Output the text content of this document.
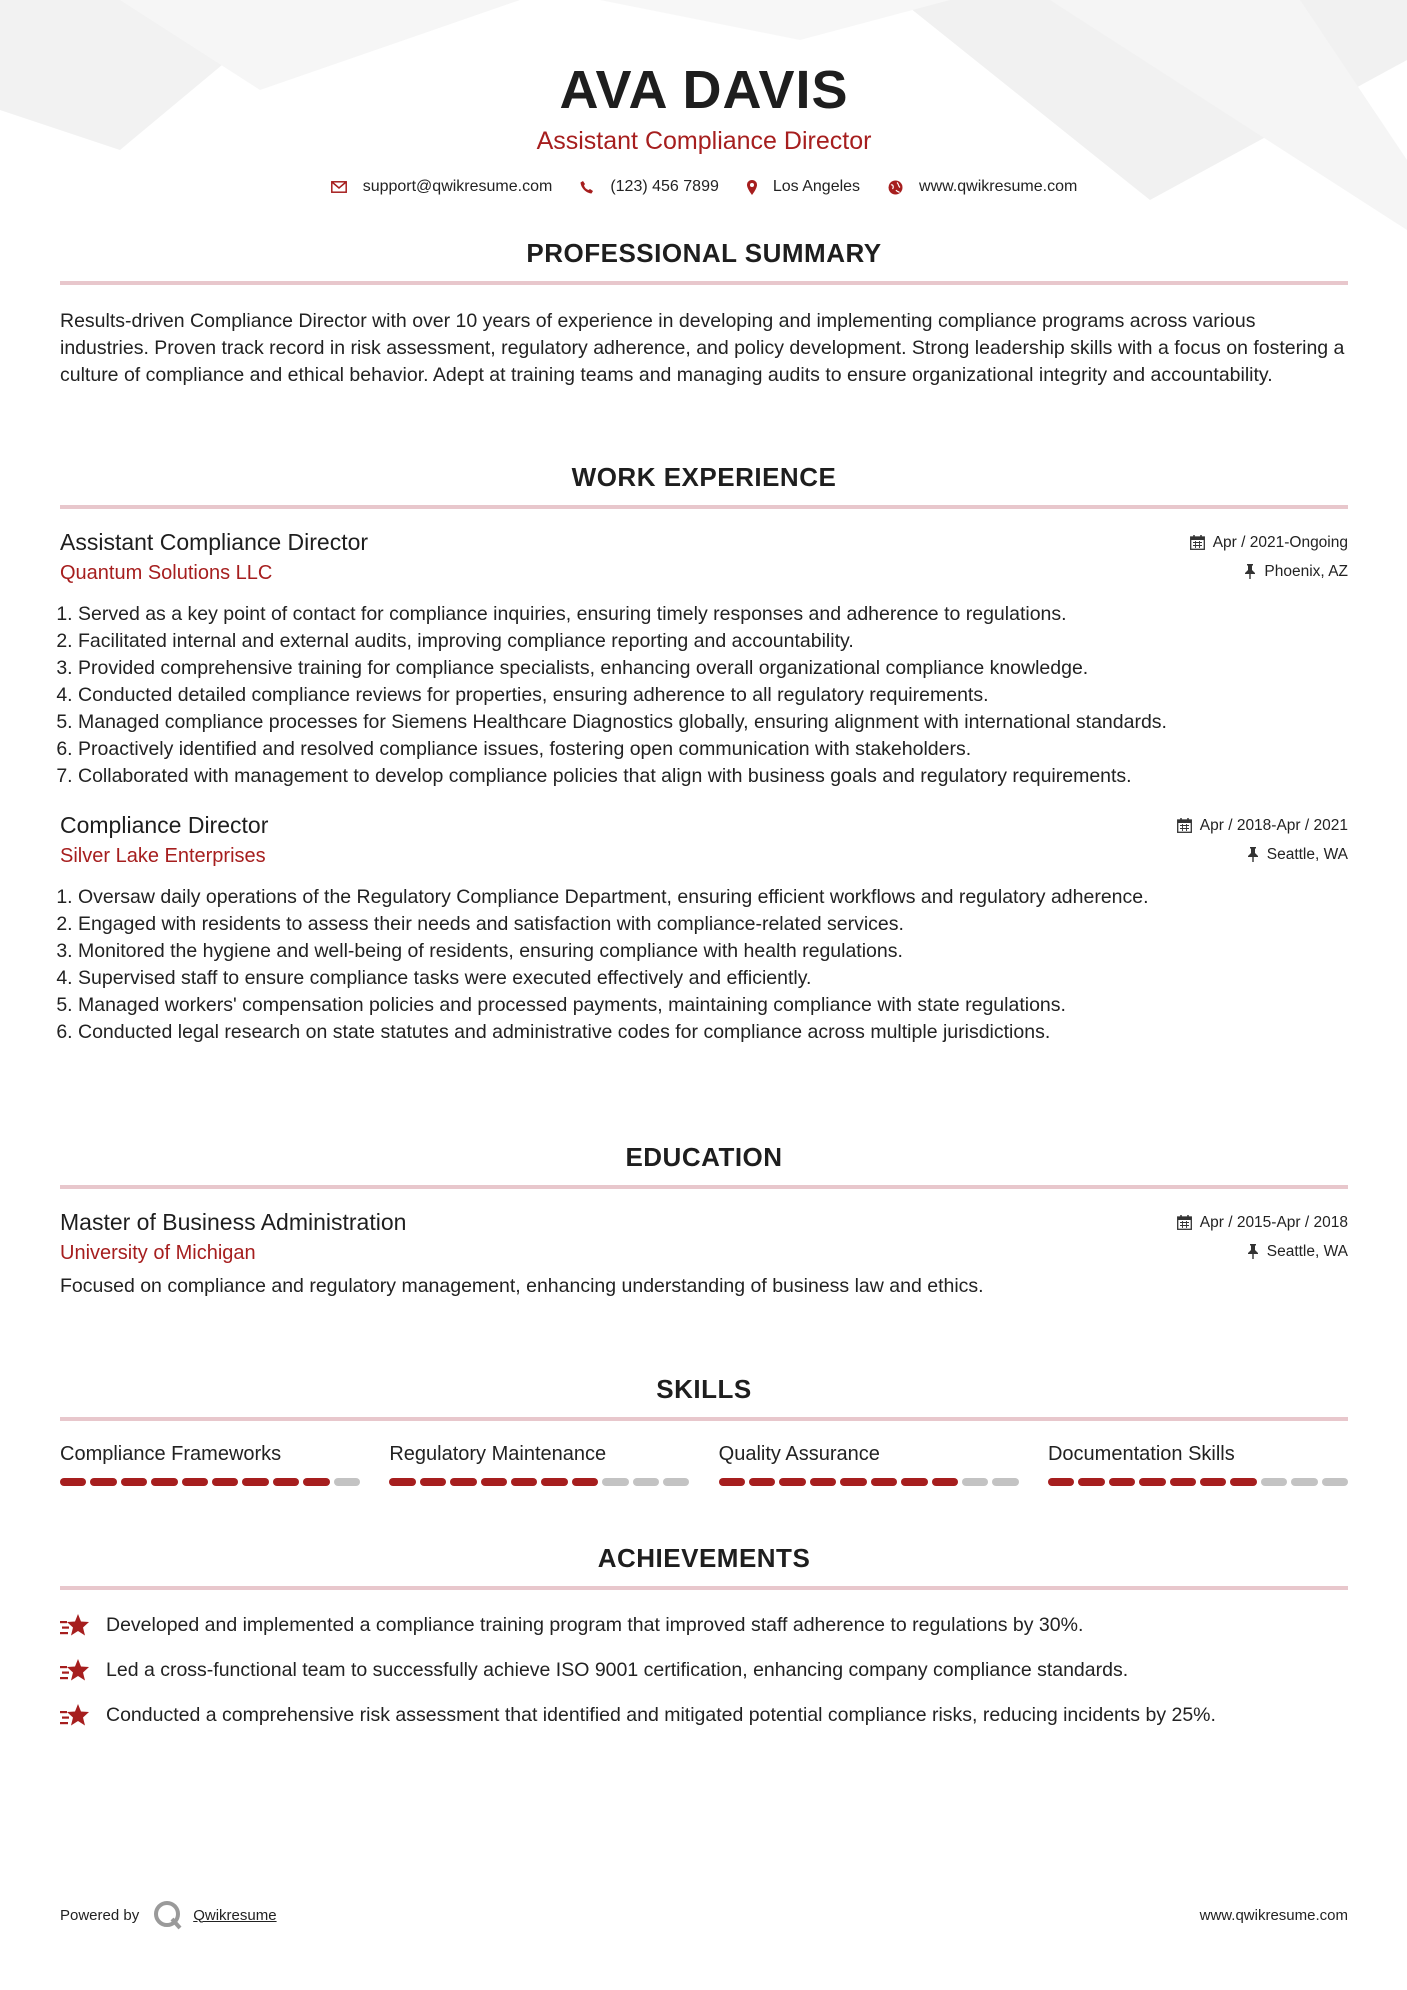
AVA DAVIS
Assistant Compliance Director
support@qwikresume.com	(123) 456 7899	Los Angeles	www.qwikresume.com
PROFESSIONAL SUMMARY

Results-driven Compliance Director with over 10 years of experience in developing and implementing compliance programs across various industries. Proven track record in risk assessment, regulatory adherence, and policy development. Strong leadership skills with a focus on fostering a culture of compliance and ethical behavior. Adept at training teams and managing audits to ensure organizational integrity and accountability.

WORK EXPERIENCE
Assistant Compliance Director	Apr / 2021-Ongoing
Quantum Solutions LLC	Phoenix, AZ
1. Served as a key point of contact for compliance inquiries, ensuring timely responses and adherence to regulations.
2. Facilitated internal and external audits, improving compliance reporting and accountability.
3. Provided comprehensive training for compliance specialists, enhancing overall organizational compliance knowledge.
4. Conducted detailed compliance reviews for properties, ensuring adherence to all regulatory requirements.
5. Managed compliance processes for Siemens Healthcare Diagnostics globally, ensuring alignment with international standards.
6. Proactively identified and resolved compliance issues, fostering open communication with stakeholders.
7. Collaborated with management to develop compliance policies that align with business goals and regulatory requirements.
Compliance Director	Apr / 2018-Apr / 2021
Silver Lake Enterprises	Seattle, WA
1. Oversaw daily operations of the Regulatory Compliance Department, ensuring efficient workflows and regulatory adherence.
2. Engaged with residents to assess their needs and satisfaction with compliance-related services.
3. Monitored the hygiene and well-being of residents, ensuring compliance with health regulations.
4. Supervised staff to ensure compliance tasks were executed effectively and efficiently.
5. Managed workers' compensation policies and processed payments, maintaining compliance with state regulations.
6. Conducted legal research on state statutes and administrative codes for compliance across multiple jurisdictions.
EDUCATION
Master of Business Administration	Apr / 2015-Apr / 2018
University of Michigan	Seattle, WA

Focused on compliance and regulatory management, enhancing understanding of business law and ethics.

SKILLS
Compliance Frameworks	Regulatory Maintenance	Quality Assurance	Documentation Skills
ACHIEVEMENTS
Developed and implemented a compliance training program that improved staff adherence to regulations by 30%.
Led a cross-functional team to successfully achieve ISO 9001 certification, enhancing company compliance standards.
Conducted a comprehensive risk assessment that identified and mitigated potential compliance risks, reducing incidents by 25%.
Powered by	Qwikresume	www.qwikresume.com
